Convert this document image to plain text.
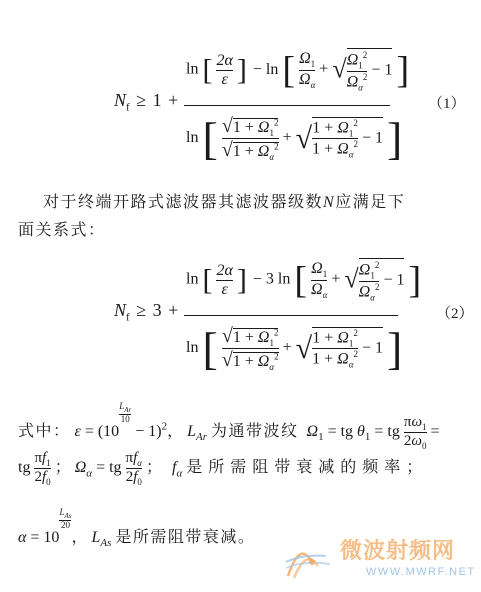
$N_f \ge 1$ +
ln [ $\frac{2\alpha}{\varepsilon}$ ] − ln [ $\frac{\Omega_1}{\Omega_\alpha}$ + √ $\frac{\Omega_1^2}{\Omega_\alpha^2} - 1$ ]
ln [ $\frac{√1 + \Omega_1^2}{√1 + \Omega_\alpha^2}$ + √ $\frac{1 + \Omega_1^2}{1 + \Omega_\alpha^2} - 1$ ]
（1）
对于终端开路式滤波器其滤波器级数N应满足下
面关系式：
$N_f \ge 3$ +
ln [ $\frac{2\alpha}{\varepsilon}$ ] − 3 ln [ $\frac{\Omega_1}{\Omega_\alpha}$ + √ $\frac{\Omega_1^2}{\Omega_\alpha^2} - 1$ ]
ln [ $\frac{√1 + \Omega_1^2}{√1 + \Omega_\alpha^2}$ + √ $\frac{1 + \Omega_1^2}{1 + \Omega_\alpha^2} - 1$ ]
（2）
式中： ε = (10
$L_{Ar}$
10
− 1)$^2$， $L_{Ar}$ 为通带波纹 $\Omega_1$ = tg $\theta_1$ = tg $\frac{\pi\omega_1}{2\omega_0}$ =
tg $\frac{\pi f_1}{2f_0}$ ； $\Omega_\alpha$ = tg
$\pi f_\alpha$
$2f_0$
； $f_\alpha$ 是所需阻带衰减的频率；
α = 10
$L_{As}$
20
， $L_{As}$ 是所需阻带衰减。
微波射频网
WWW.MWRF.NET
